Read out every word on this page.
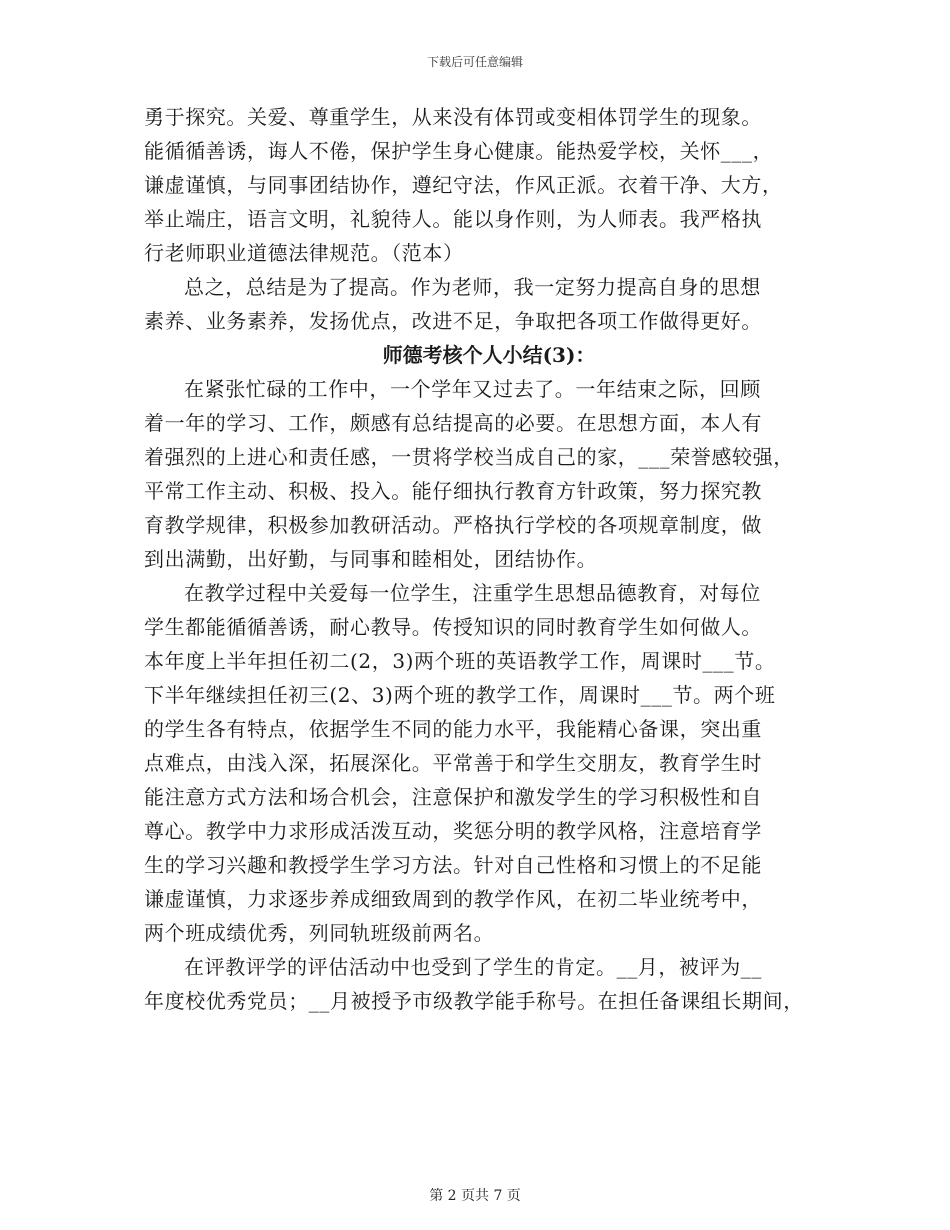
下载后可任意编辑
勇于探究。关爱、尊重学生，从来没有体罚或变相体罚学生的现象。
能循循善诱，诲人不倦，保护学生身心健康。能热爱学校，关怀___，
谦虚谨慎，与同事团结协作，遵纪守法，作风正派。衣着干净、大方，
举止端庄，语言文明，礼貌待人。能以身作则，为人师表。我严格执
行老师职业道德法律规范。（范本）
总之，总结是为了提高。作为老师，我一定努力提高自身的思想
素养、业务素养，发扬优点，改进不足，争取把各项工作做得更好。
师德考核个人小结(3)：
在紧张忙碌的工作中，一个学年又过去了。一年结束之际，回顾
着一年的学习、工作，颇感有总结提高的必要。在思想方面，本人有
着强烈的上进心和责任感，一贯将学校当成自己的家，___荣誉感较强，
平常工作主动、积极、投入。能仔细执行教育方针政策，努力探究教
育教学规律，积极参加教研活动。严格执行学校的各项规章制度，做
到出满勤，出好勤，与同事和睦相处，团结协作。
在教学过程中关爱每一位学生，注重学生思想品德教育，对每位
学生都能循循善诱，耐心教导。传授知识的同时教育学生如何做人。
本年度上半年担任初二(2，3)两个班的英语教学工作，周课时___节。
下半年继续担任初三(2、3)两个班的教学工作，周课时___节。两个班
的学生各有特点，依据学生不同的能力水平，我能精心备课，突出重
点难点，由浅入深，拓展深化。平常善于和学生交朋友，教育学生时
能注意方式方法和场合机会，注意保护和激发学生的学习积极性和自
尊心。教学中力求形成活泼互动，奖惩分明的教学风格，注意培育学
生的学习兴趣和教授学生学习方法。针对自己性格和习惯上的不足能
谦虚谨慎，力求逐步养成细致周到的教学作风，在初二毕业统考中，
两个班成绩优秀，列同轨班级前两名。
在评教评学的评估活动中也受到了学生的肯定。__月，被评为__
年度校优秀党员；__月被授予市级教学能手称号。在担任备课组长期间，
第 2 页共 7 页
